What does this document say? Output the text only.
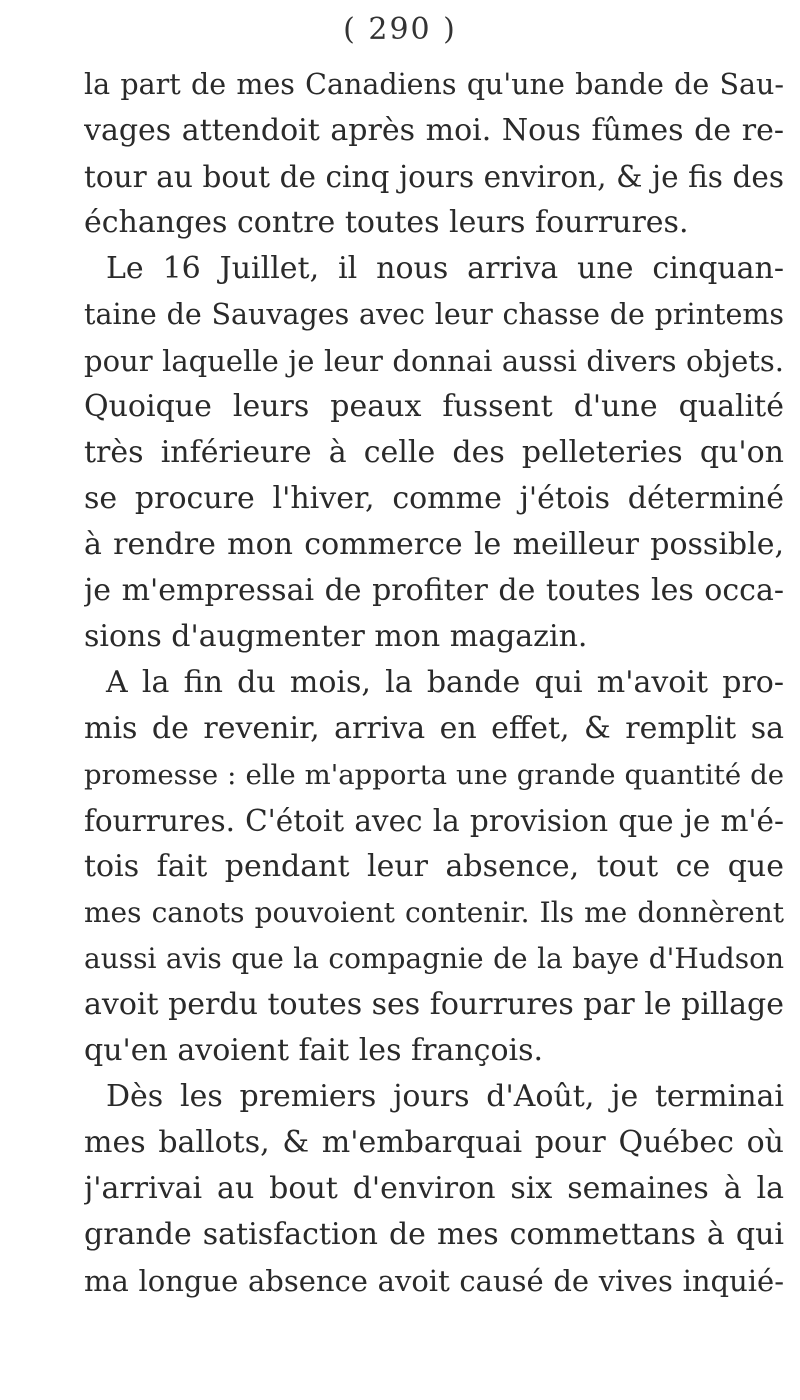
( 290 )
la part de mes Canadiens qu'une bande de Sau-
vages attendoit après moi. Nous fûmes de re-
tour au bout de cinq jours environ, & je fis des
échanges contre toutes leurs fourrures.
Le 16 Juillet, il nous arriva une cinquan-
taine de Sauvages avec leur chasse de printems
pour laquelle je leur donnai aussi divers objets.
Quoique leurs peaux fussent d'une qualité
très inférieure à celle des pelleteries qu'on
se procure l'hiver, comme j'étois déterminé
à rendre mon commerce le meilleur possible,
je m'empressai de profiter de toutes les occa-
sions d'augmenter mon magazin.
A la fin du mois, la bande qui m'avoit pro-
mis de revenir, arriva en effet, & remplit sa
promesse : elle m'apporta une grande quantité de
fourrures. C'étoit avec la provision que je m'é-
tois fait pendant leur absence, tout ce que
mes canots pouvoient contenir. Ils me donnèrent
aussi avis que la compagnie de la baye d'Hudson
avoit perdu toutes ses fourrures par le pillage
qu'en avoient fait les françois.
Dès les premiers jours d'Août, je terminai
mes ballots, & m'embarquai pour Québec où
j'arrivai au bout d'environ six semaines à la
grande satisfaction de mes commettans à qui
ma longue absence avoit causé de vives inquié-
